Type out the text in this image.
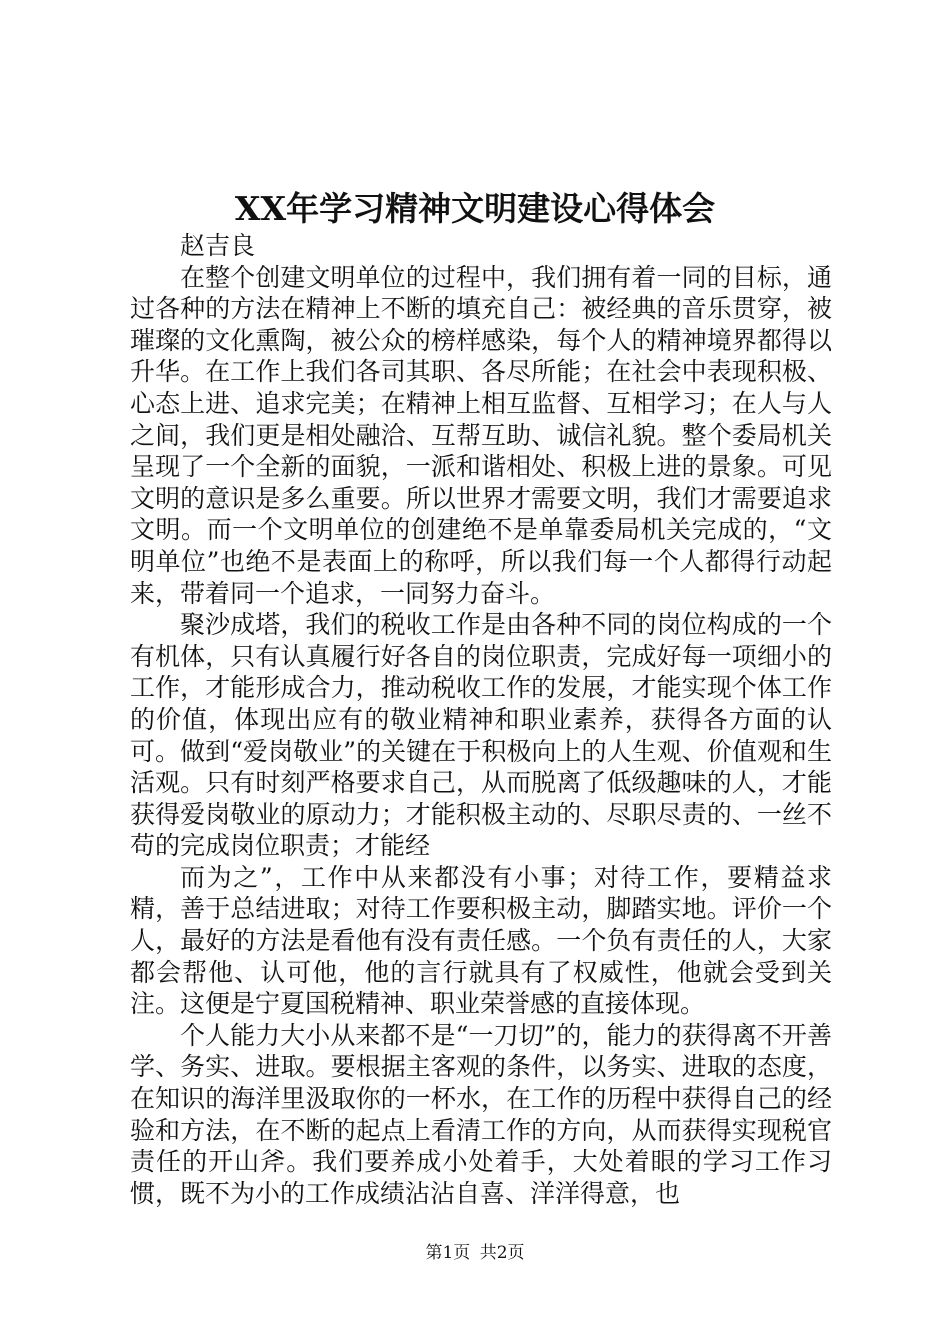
XX年学习精神文明建设心得体会

赵吉良

在整个创建文明单位的过程中，我们拥有着一同的目标，通过各种的方法在精神上不断的填充自己：被经典的音乐贯穿，被璀璨的文化熏陶，被公众的榜样感染，每个人的精神境界都得以升华。在工作上我们各司其职、各尽所能；在社会中表现积极、心态上进、追求完美；在精神上相互监督、互相学习；在人与人之间，我们更是相处融洽、互帮互助、诚信礼貌。整个委局机关呈现了一个全新的面貌，一派和谐相处、积极上进的景象。可见文明的意识是多么重要。所以世界才需要文明，我们才需要追求文明。而一个文明单位的创建绝不是单靠委局机关完成的，“文明单位”也绝不是表面上的称呼，所以我们每一个人都得行动起来，带着同一个追求，一同努力奋斗。

聚沙成塔，我们的税收工作是由各种不同的岗位构成的一个有机体，只有认真履行好各自的岗位职责，完成好每一项细小的工作，才能形成合力，推动税收工作的发展，才能实现个体工作的价值，体现出应有的敬业精神和职业素养，获得各方面的认可。做到“爱岗敬业”的关键在于积极向上的人生观、价值观和生活观。只有时刻严格要求自己，从而脱离了低级趣味的人，才能获得爱岗敬业的原动力；才能积极主动的、尽职尽责的、一丝不苟的完成岗位职责；才能经

而为之”，工作中从来都没有小事；对待工作，要精益求精，善于总结进取；对待工作要积极主动，脚踏实地。评价一个人，最好的方法是看他有没有责任感。一个负有责任的人，大家都会帮他、认可他，他的言行就具有了权威性，他就会受到关注。这便是宁夏国税精神、职业荣誉感的直接体现。

个人能力大小从来都不是“一刀切”的，能力的获得离不开善学、务实、进取。要根据主客观的条件，以务实、进取的态度，在知识的海洋里汲取你的一杯水，在工作的历程中获得自己的经验和方法，在不断的起点上看清工作的方向，从而获得实现税官责任的开山斧。我们要养成小处着手，大处着眼的学习工作习惯，既不为小的工作成绩沾沾自喜、洋洋得意，也

第1页 共2页
